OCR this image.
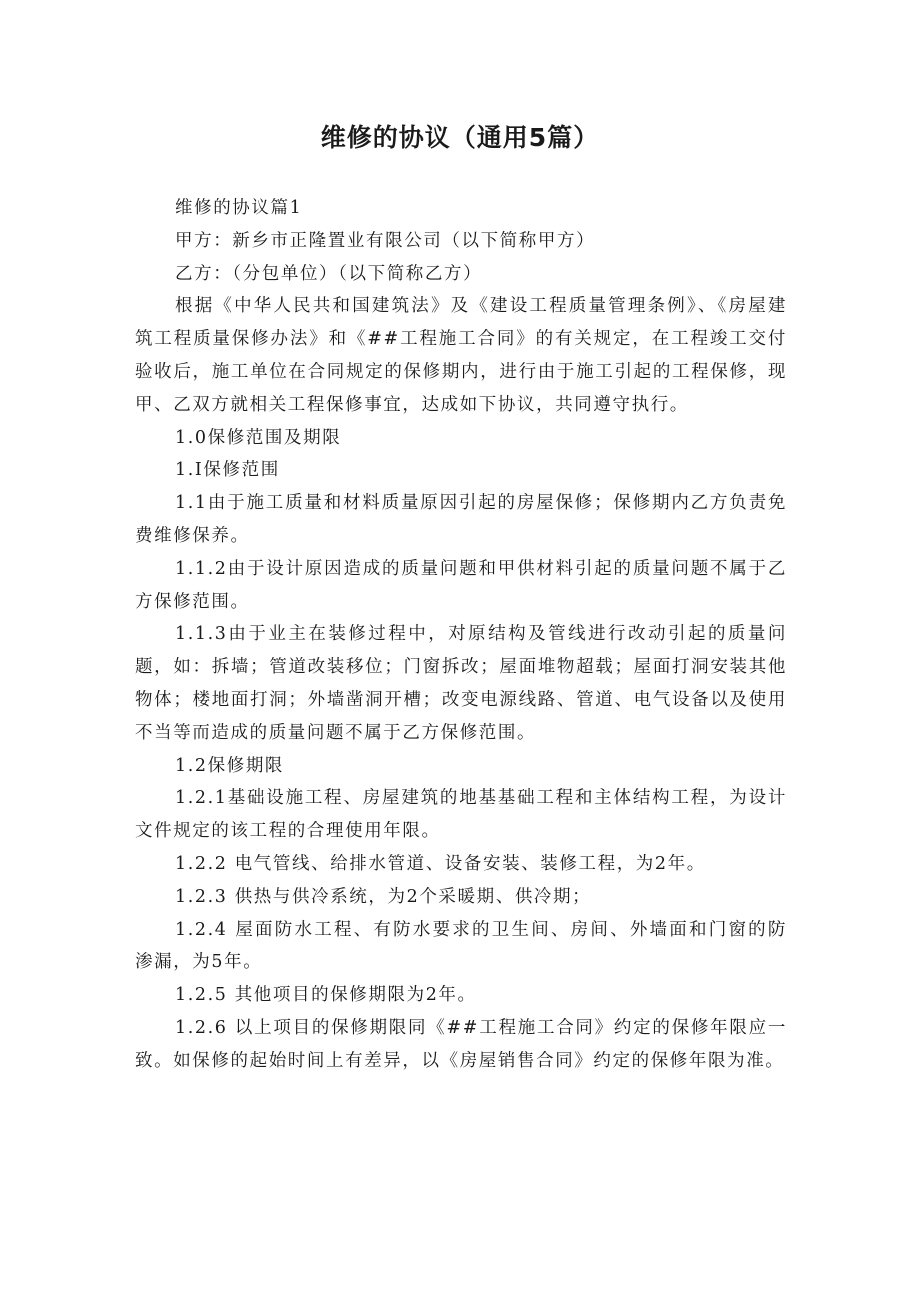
维修的协议（通用5篇）

维修的协议篇1

甲方：新乡市正隆置业有限公司（以下简称甲方）

乙方：（分包单位）（以下简称乙方）

根据《中华人民共和国建筑法》及《建设工程质量管理条例》、《房屋建筑工程质量保修办法》和《##工程施工合同》的有关规定，在工程竣工交付验收后，施工单位在合同规定的保修期内，进行由于施工引起的工程保修，现甲、乙双方就相关工程保修事宜，达成如下协议，共同遵守执行。

1.0保修范围及期限

1.I保修范围

1.1由于施工质量和材料质量原因引起的房屋保修；保修期内乙方负责免费维修保养。

1.1.2由于设计原因造成的质量问题和甲供材料引起的质量问题不属于乙方保修范围。

1.1.3由于业主在装修过程中，对原结构及管线进行改动引起的质量问题，如：拆墙；管道改装移位；门窗拆改；屋面堆物超载；屋面打洞安装其他物体；楼地面打洞；外墙凿洞开槽；改变电源线路、管道、电气设备以及使用不当等而造成的质量问题不属于乙方保修范围。

1.2保修期限

1.2.1基础设施工程、房屋建筑的地基基础工程和主体结构工程，为设计文件规定的该工程的合理使用年限。

1.2.2 电气管线、给排水管道、设备安装、装修工程，为2年。

1.2.3 供热与供冷系统，为2个采暖期、供冷期；

1.2.4 屋面防水工程、有防水要求的卫生间、房间、外墙面和门窗的防渗漏，为5年。

1.2.5 其他项目的保修期限为2年。

1.2.6 以上项目的保修期限同《##工程施工合同》约定的保修年限应一致。如保修的起始时间上有差异，以《房屋销售合同》约定的保修年限为准。
